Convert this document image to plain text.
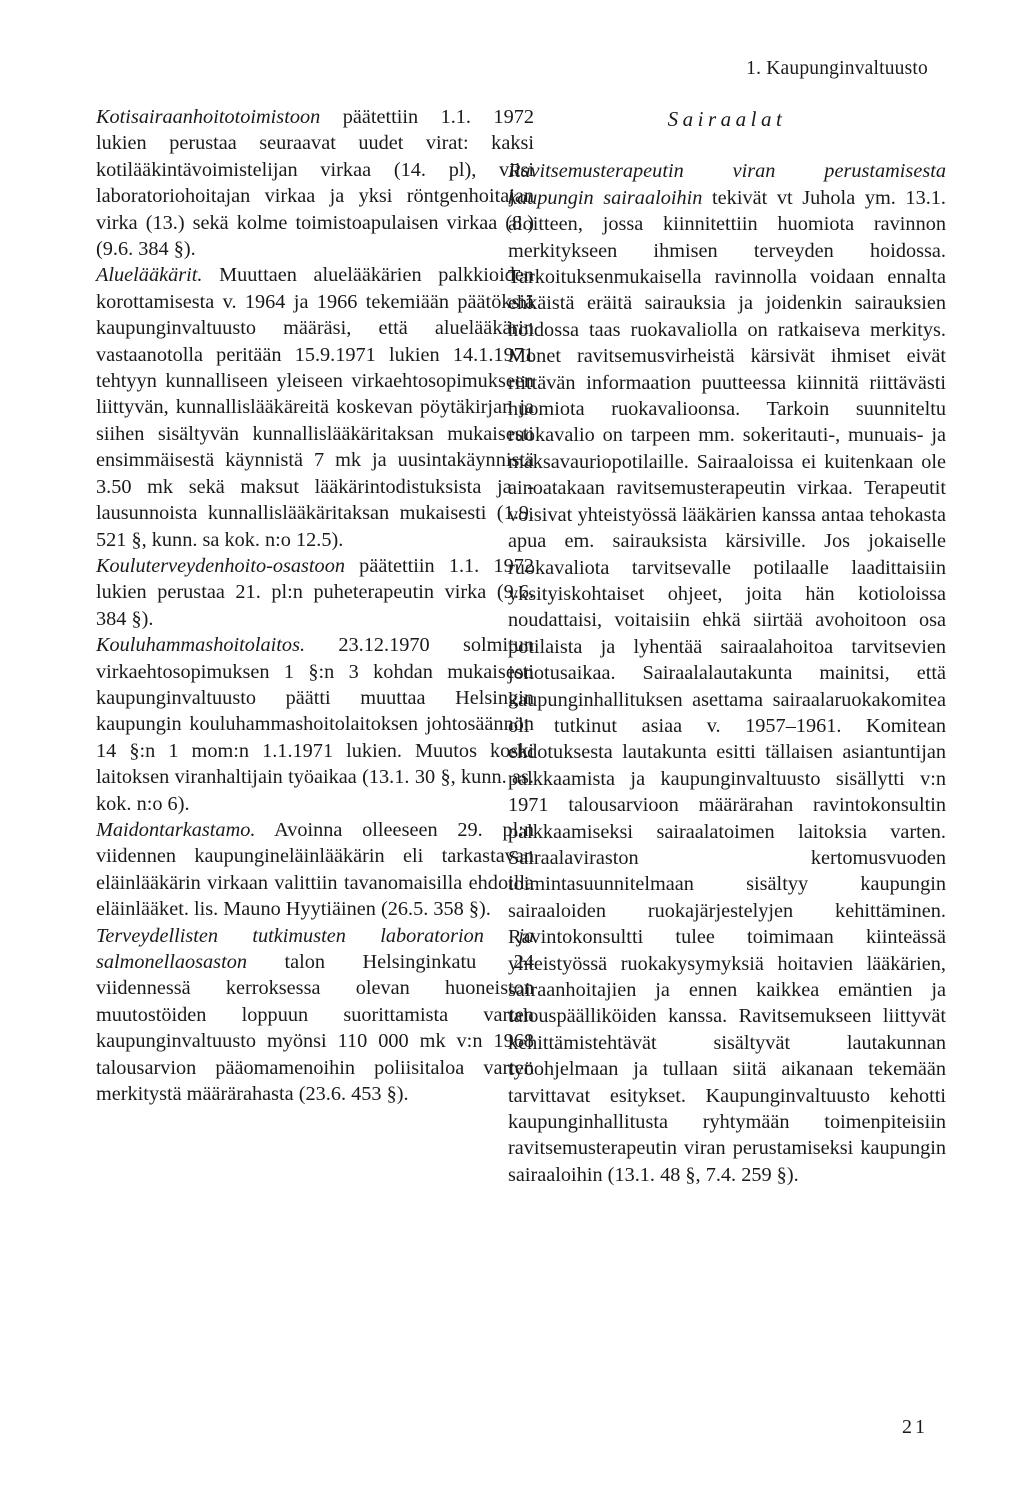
1. Kaupunginvaltuusto

Kotisairaanhoitotoimistoon päätettiin 1.1. 1972 lukien perustaa seuraavat uudet virat: kaksi kotilääkintävoimistelijan virkaa (14. pl), viisi laboratoriohoitajan virkaa ja yksi röntgenhoitajan virka (13.) sekä kolme toimistoapulaisen virkaa (8.) (9.6. 384 §).

Aluelääkärit. Muuttaen aluelääkärien palkkioiden korottamisesta v. 1964 ja 1966 tekemiään päätöksiä kaupunginvaltuusto määräsi, että aluelääkärin vastaanotolla peritään 15.9.1971 lukien 14.1.1971 tehtyyn kunnalliseen yleiseen virkaehtosopimukseen liittyvän, kunnallislääkäreitä koskevan pöytäkirjan ja siihen sisältyvän kunnallislääkäritaksan mukaisesti ensimmäisestä käynnistä 7 mk ja uusintakäynnistä 3.50 mk sekä maksut lääkärintodistuksista ja -lausunnoista kunnallislääkäritaksan mukaisesti (1.9. 521 §, kunn. sa kok. n:o 12.5).

Kouluterveydenhoito-osastoon päätettiin 1.1. 1972 lukien perustaa 21. pl:n puheterapeutin virka (9.6. 384 §).

Kouluhammashoitolaitos. 23.12.1970 solmitun virkaehtosopimuksen 1 §:n 3 kohdan mukaisesti kaupunginvaltuusto päätti muuttaa Helsingin kaupungin kouluhammashoitolaitoksen johtosäännön 14 §:n 1 mom:n 1.1.1971 lukien. Muutos koski laitoksen viranhaltijain työaikaa (13.1. 30 §, kunn. as. kok. n:o 6).

Maidontarkastamo. Avoinna olleeseen 29. pl:n viidennen kaupungineläinlääkärin eli tarkastavan eläinlääkärin virkaan valittiin tavanomaisilla ehdoilla eläinlääket. lis. Mauno Hyytiäinen (26.5. 358 §).

Terveydellisten tutkimusten laboratorion ja salmonellaosaston talon Helsinginkatu 24 viidennessä kerroksessa olevan huoneiston muutostöiden loppuun suorittamista varten kaupunginvaltuusto myönsi 110 000 mk v:n 1968 talousarvion pääomamenoihin poliisitaloa varten merkitystä määrärahasta (23.6. 453 §).

Sairaalat

Ravitsemusterapeutin viran perustamisesta kaupungin sairaaloihin tekivät vt Juhola ym. 13.1. aloitteen, jossa kiinnitettiin huomiota ravinnon merkitykseen ihmisen terveyden hoidossa. Tarkoituksenmukaisella ravinnolla voidaan ennalta ehkäistä eräitä sairauksia ja joidenkin sairauksien hoidossa taas ruokavaliolla on ratkaiseva merkitys. Monet ravitsemusvirheistä kärsivät ihmiset eivät riittävän informaation puutteessa kiinnitä riittävästi huomiota ruokavalioonsa. Tarkoin suunniteltu ruokavalio on tarpeen mm. sokeritauti-, munuais- ja maksavauriopotilaille. Sairaaloissa ei kuitenkaan ole ainoatakaan ravitsemusterapeutin virkaa. Terapeutit voisivat yhteistyössä lääkärien kanssa antaa tehokasta apua em. sairauksista kärsiville. Jos jokaiselle ruokavaliota tarvitsevalle potilaalle laadittaisiin yksityiskohtaiset ohjeet, joita hän kotioloissa noudattaisi, voitaisiin ehkä siirtää avohoitoon osa potilaista ja lyhentää sairaalahoitoa tarvitsevien jonotusaikaa. Sairaalalautakunta mainitsi, että kaupunginhallituksen asettama sairaalaruokakomitea oli tutkinut asiaa v. 1957–1961. Komitean ehdotuksesta lautakunta esitti tällaisen asiantuntijan palkkaamista ja kaupunginvaltuusto sisällytti v:n 1971 talousarvioon määrärahan ravintokonsultin palkkaamiseksi sairaalatoimen laitoksia varten. Sairaalaviraston kertomusvuoden toimintasuunnitelmaan sisältyy kaupungin sairaaloiden ruokajärjestelyjen kehittäminen. Ravintokonsultti tulee toimimaan kiinteässä yhteistyössä ruokakysymyksiä hoitavien lääkärien, sairaanhoitajien ja ennen kaikkea emäntien ja talouspäälliköiden kanssa. Ravitsemukseen liittyvät kehittämistehtävät sisältyvät lautakunnan työohjelmaan ja tullaan siitä aikanaan tekemään tarvittavat esitykset. Kaupunginvaltuusto kehotti kaupunginhallitusta ryhtymään toimenpiteisiin ravitsemusterapeutin viran perustamiseksi kaupungin sairaaloihin (13.1. 48 §, 7.4. 259 §).

21
